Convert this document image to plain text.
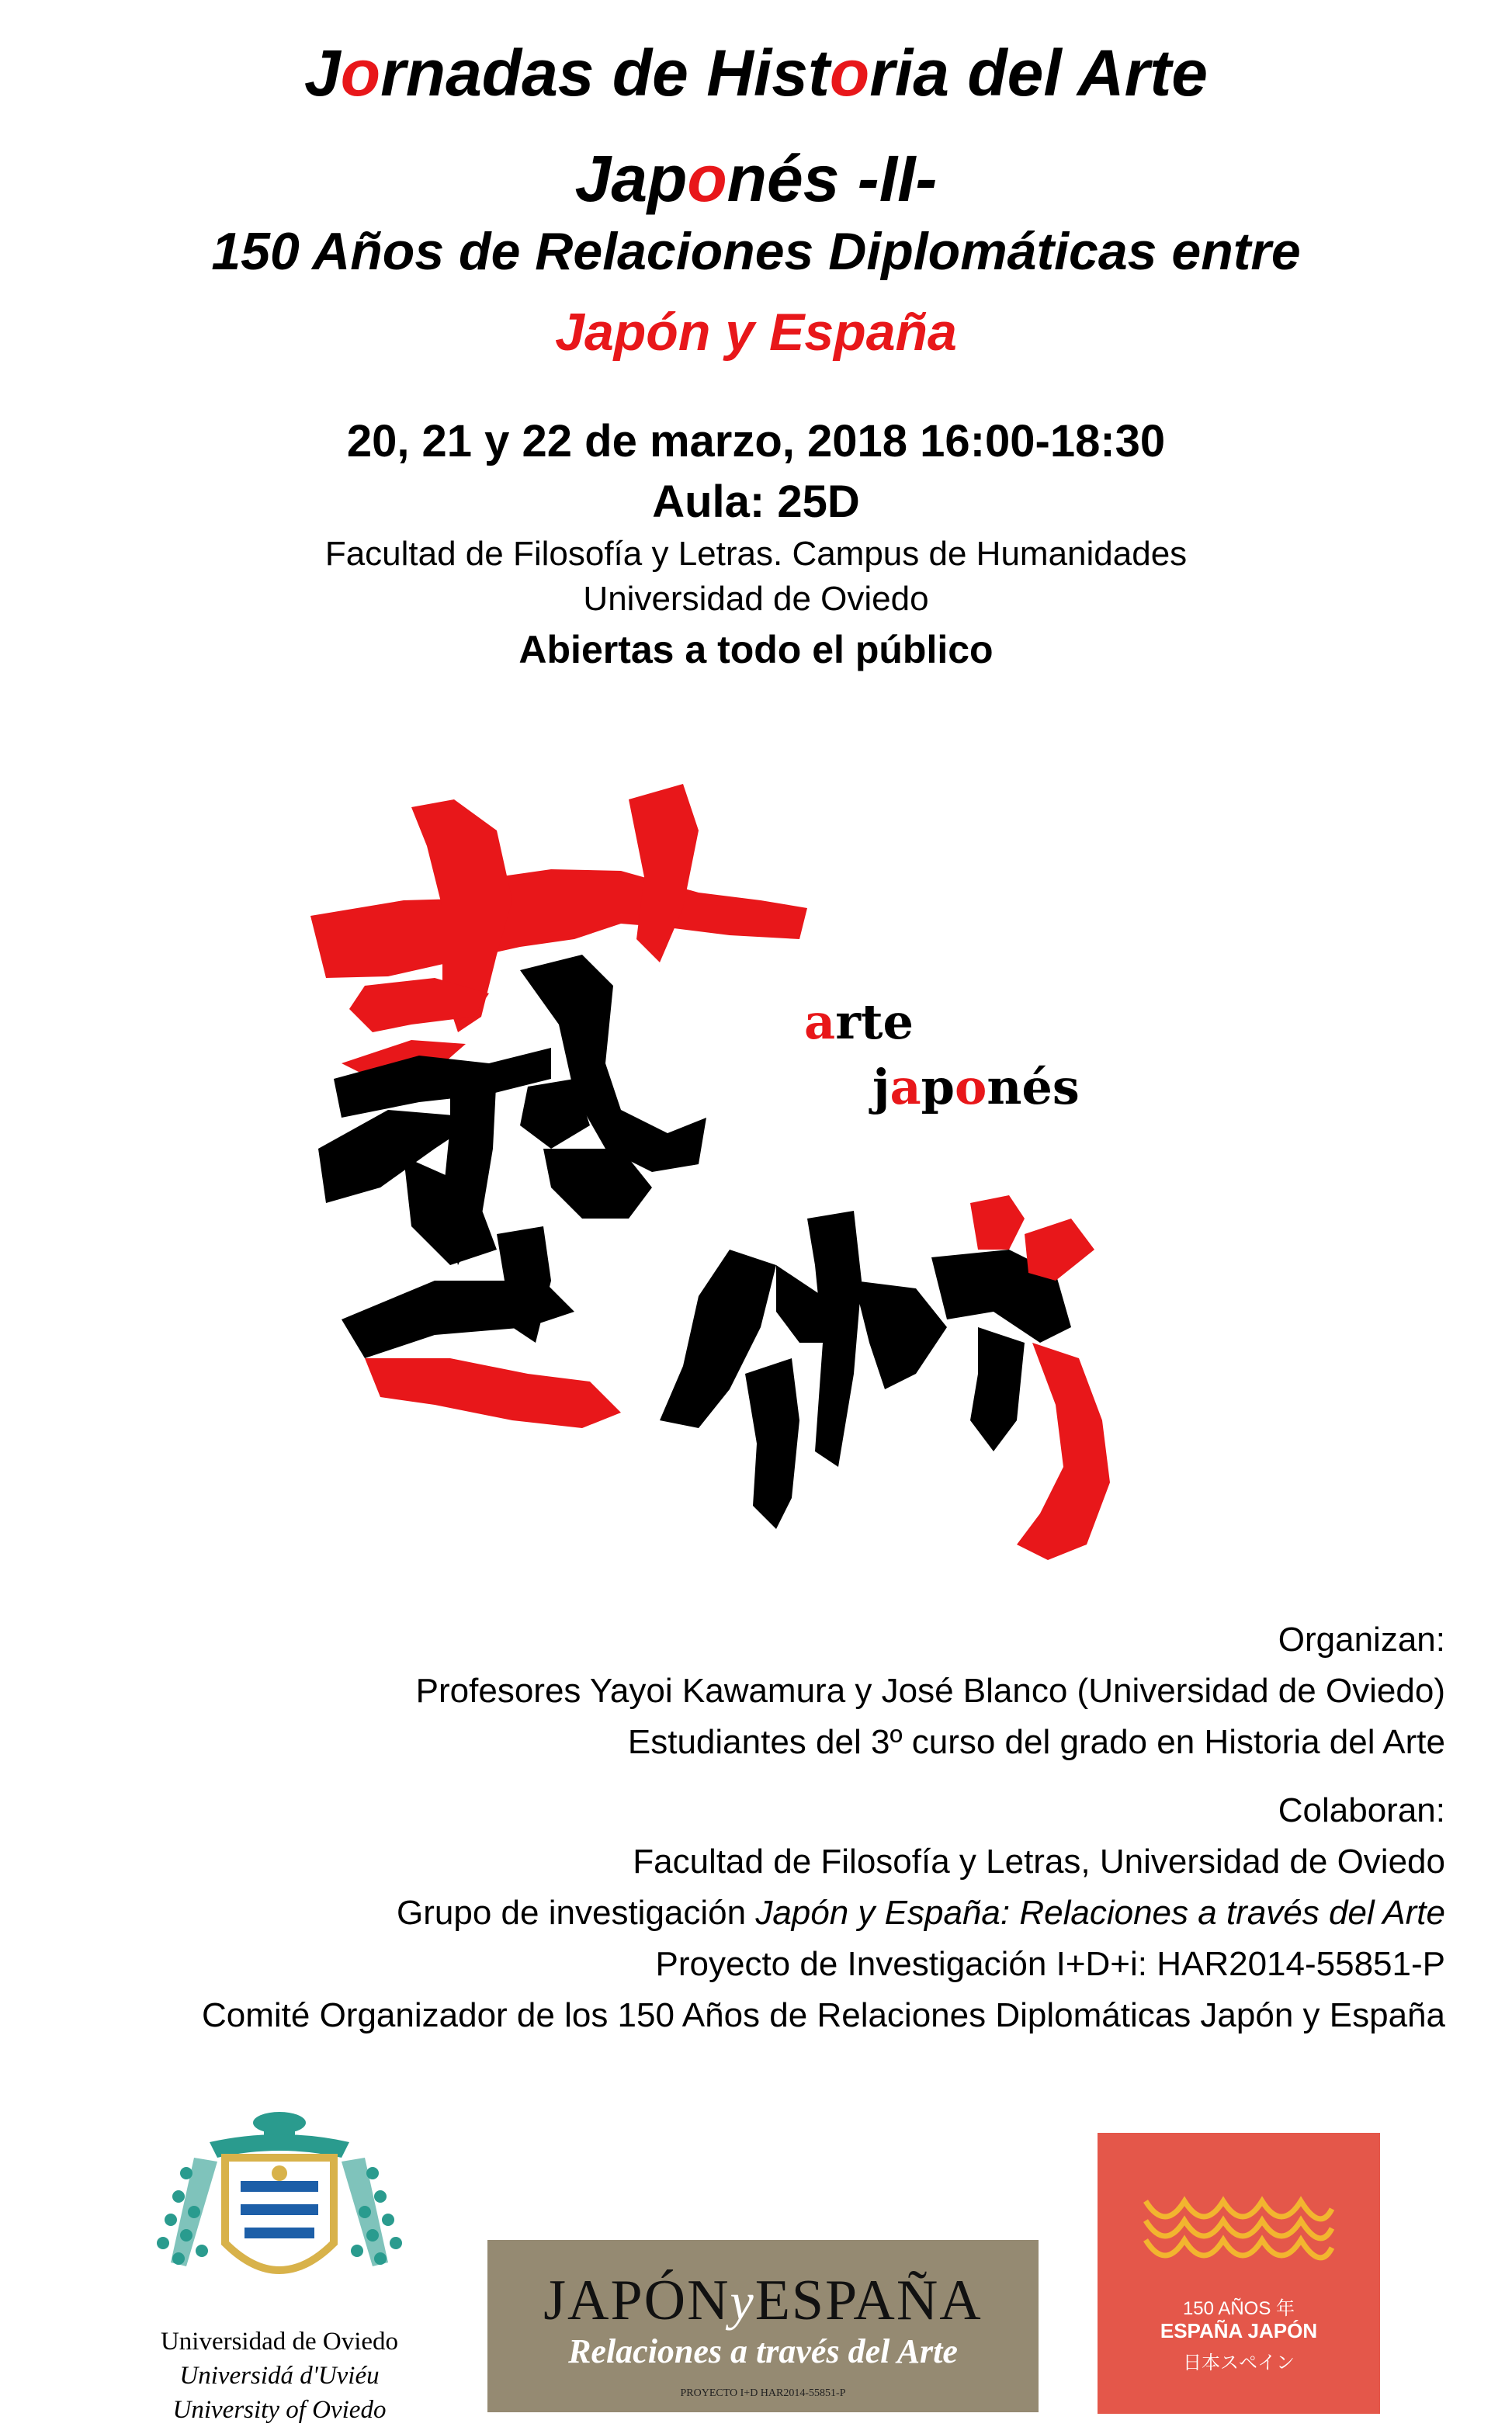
Jornadas de Historia del Arte
Japonés -II-
150 Años de Relaciones Diplomáticas entre
Japón y España
20, 21 y 22 de marzo, 2018 16:00-18:30
Aula: 25D
Facultad de Filosofía y Letras. Campus de Humanidades
Universidad de Oviedo
Abiertas a todo el público
arte
japonés
Organizan:
Profesores Yayoi Kawamura y José Blanco (Universidad de Oviedo)
Estudiantes del 3º curso del grado en Historia del Arte
Colaboran:
Facultad de Filosofía y Letras, Universidad de Oviedo
Grupo de investigación Japón y España: Relaciones a través del Arte
Proyecto de Investigación I+D+i: HAR2014-55851-P
Comité Organizador de los 150 Años de Relaciones Diplomáticas Japón y España
Universidad de Oviedo
Universidá d'Uviéu
University of Oviedo
JAPÓNyESPAÑA
Relaciones a través del Arte
PROYECTO I+D HAR2014-55851-P
150 AÑOS 年
ESPAÑA JAPÓN
日本スペイン
